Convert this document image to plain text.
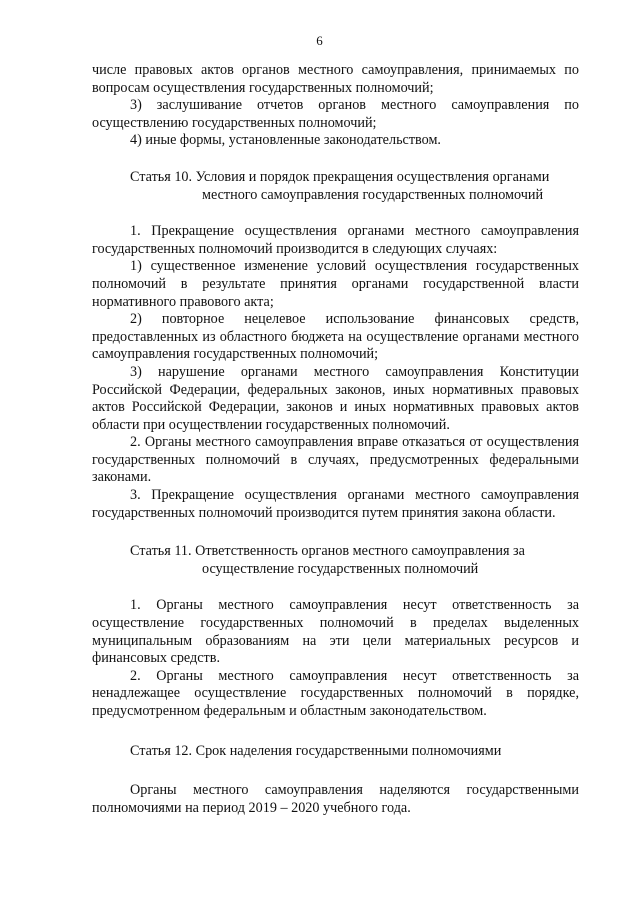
6

числе правовых актов органов местного самоуправления, принимаемых по вопросам осуществления государственных полномочий;

3) заслушивание отчетов органов местного самоуправления по осуществлению государственных полномочий;

4) иные формы, установленные законодательством.

Статья 10. Условия и порядок прекращения осуществления органами
местного самоуправления государственных полномочий

1. Прекращение осуществления органами местного самоуправления государственных полномочий производится в следующих случаях:

1) существенное изменение условий осуществления государственных полномочий в результате принятия органами государственной власти нормативного правового акта;

2) повторное нецелевое использование финансовых средств, предоставленных из областного бюджета на осуществление органами местного самоуправления государственных полномочий;

3) нарушение органами местного самоуправления Конституции Российской Федерации, федеральных законов, иных нормативных правовых актов Российской Федерации, законов и иных нормативных правовых актов области при осуществлении государственных полномочий.

2. Органы местного самоуправления вправе отказаться от осуществления государственных полномочий в случаях, предусмотренных федеральными законами.

3. Прекращение осуществления органами местного самоуправления государственных полномочий производится путем принятия закона области.

Статья 11. Ответственность органов местного самоуправления за
осуществление государственных полномочий

1. Органы местного самоуправления несут ответственность за осуществление государственных полномочий в пределах выделенных муниципальным образованиям на эти цели материальных ресурсов и финансовых средств.

2. Органы местного самоуправления несут ответственность за ненадлежащее осуществление государственных полномочий в порядке, предусмотренном федеральным и областным законодательством.

Статья 12. Срок наделения государственными полномочиями

Органы местного самоуправления наделяются государственными полномочиями на период 2019 – 2020 учебного года.
